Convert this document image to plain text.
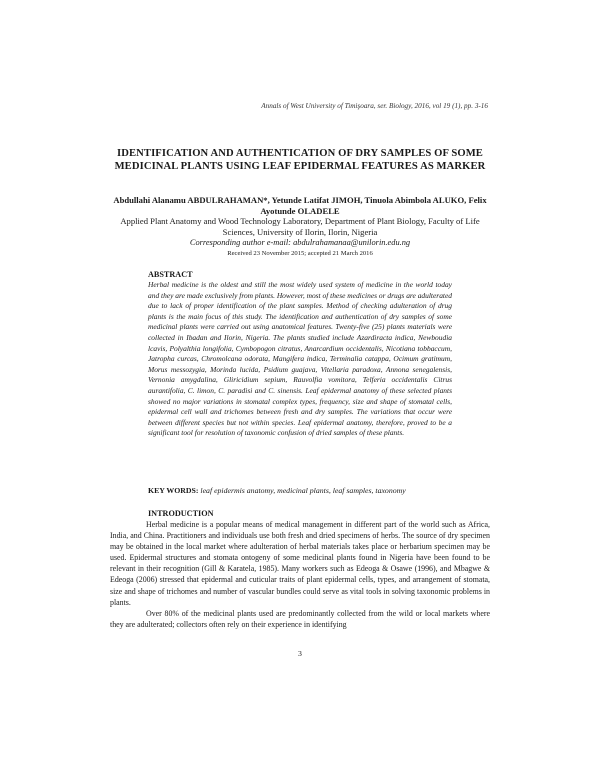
Annals of West University of Timişoara, ser. Biology, 2016, vol 19 (1), pp. 3-16
IDENTIFICATION AND AUTHENTICATION OF DRY SAMPLES OF SOME MEDICINAL PLANTS USING LEAF EPIDERMAL FEATURES AS MARKER
Abdullahi Alanamu ABDULRAHAMAN*, Yetunde Latifat JIMOH, Tinuola Abimbola ALUKO, Felix Ayotunde OLADELE
Applied Plant Anatomy and Wood Technology Laboratory, Department of Plant Biology, Faculty of Life Sciences, University of Ilorin, Ilorin, Nigeria
Corresponding author e-mail: abdulrahamanaa@unilorin.edu.ng
Received 23 November 2015; accepted 21 March 2016
ABSTRACT
Herbal medicine is the oldest and still the most widely used system of medicine in the world today and they are made exclusively from plants. However, most of these medicines or drugs are adulterated due to lack of proper identification of the plant samples. Method of checking adulteration of drug plants is the main focus of this study. The identification and authentication of dry samples of some medicinal plants were carried out using anatomical features. Twenty-five (25) plants materials were collected in Ibadan and Ilorin, Nigeria. The plants studied include Azardiracta indica, Newboudia lcavis, Polyalthia longifolia, Cymbopogon citratus, Anarcardium occidentalis, Nicotiana tobbaccum, Jatropha curcas, Chromolcana odorata, Mangifera indica, Terminalia catappa, Ocimum gratimum, Morus messozygia, Morinda lucida, Psidium guajava, Vitellaria paradoxa, Annona senegalensis, Vernonia amygdalina, Gliricidium sepium, Rauvolfia vomitora, Telferia occidentalis Citrus aurantifolia, C. limon, C. paradisi and C. sinensis. Leaf epidermal anatomy of these selected plants showed no major variations in stomatal complex types, frequency, size and shape of stomatal cells, epidermal cell wall and trichomes between fresh and dry samples. The variations that occur were between different species but not within species. Leaf epidermal anatomy, therefore, proved to be a significant tool for resolution of taxonomic confusion of dried samples of these plants.
KEY WORDS: leaf epidermis anatomy, medicinal plants, leaf samples, taxonomy
INTRODUCTION

Herbal medicine is a popular means of medical management in different part of the world such as Africa, India, and China. Practitioners and individuals use both fresh and dried specimens of herbs. The source of dry specimen may be obtained in the local market where adulteration of herbal materials takes place or herbarium specimen may be used. Epidermal structures and stomata ontogeny of some medicinal plants found in Nigeria have been found to be relevant in their recognition (Gill & Karatela, 1985). Many workers such as Edeoga & Osawe (1996), and Mbagwe & Edeoga (2006) stressed that epidermal and cuticular traits of plant epidermal cells, types, and arrangement of stomata, size and shape of trichomes and number of vascular bundles could serve as vital tools in solving taxonomic problems in plants.

Over 80% of the medicinal plants used are predominantly collected from the wild or local markets where they are adulterated; collectors often rely on their experience in identifying

3
